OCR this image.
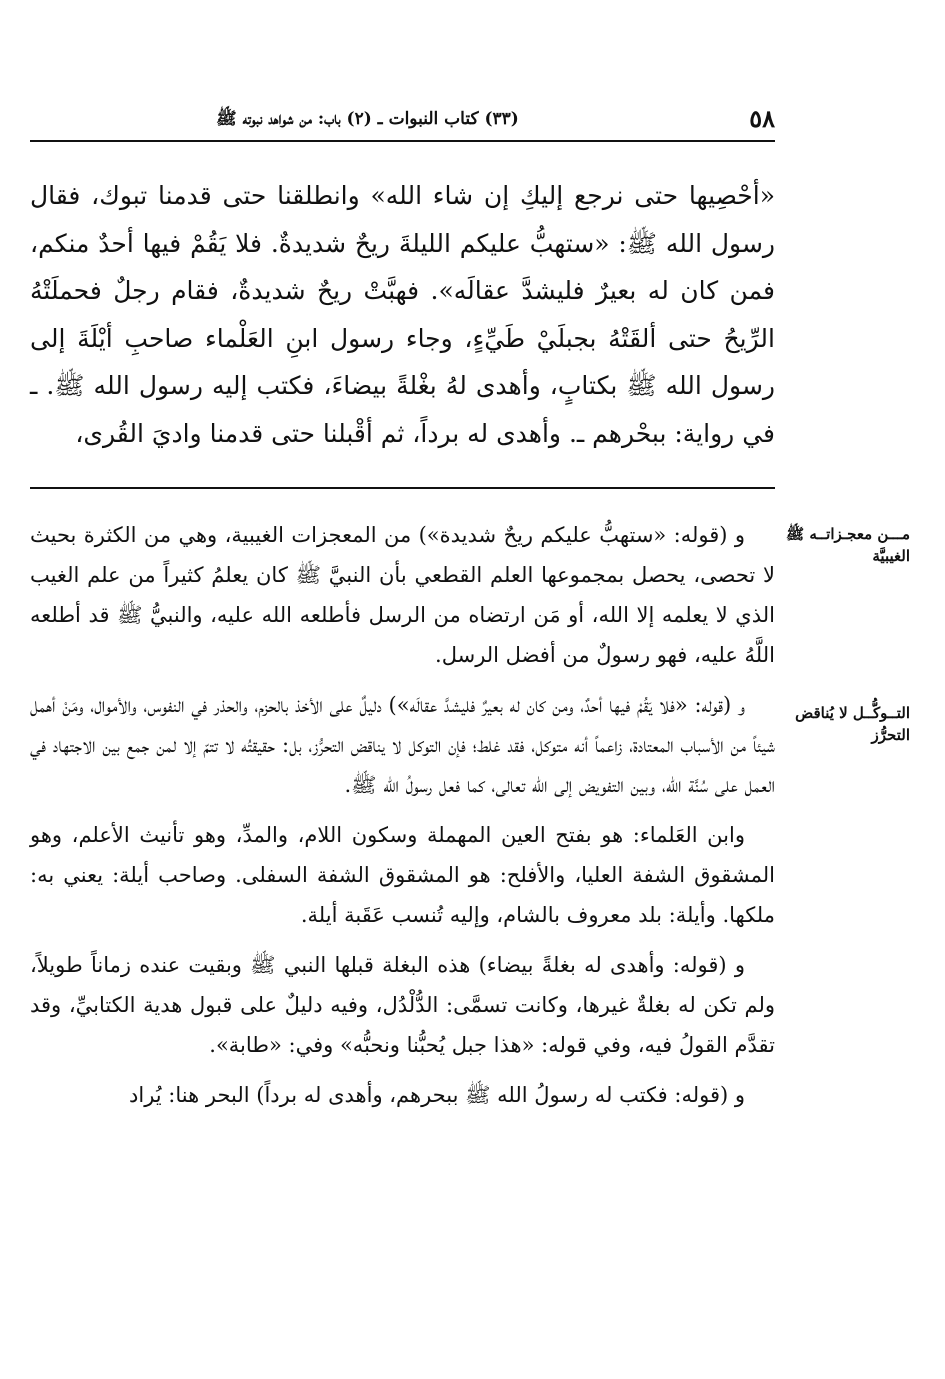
٥٨
(٣٣) كتاب النبوات ـ (٢) باب: من شواهد نبوته ﷺ

«أحْصِيها حتى نرجع إليكِ إن شاء الله» وانطلقنا حتى قدمنا تبوك، فقال رسول الله ﷺ: «ستهبُّ عليكم الليلةَ ريحٌ شديدةٌ. فلا يَقُمْ فيها أحدٌ منكم، فمن كان له بعيرٌ فليشدَّ عقالَه». فهبَّتْ ريحٌ شديدةٌ، فقام رجلٌ فحملَتْهُ الرِّيحُ حتى ألقَتْهُ بجبلَيْ طَيِّءٍ، وجاء رسول ابنِ العَلْماء صاحبِ أيْلَةَ إلى رسول الله ﷺ بكتابٍ، وأهدى لهُ بغْلةً بيضاءَ، فكتب إليه رسول الله ﷺ. ـ في رواية: ببحْرهم ـ. وأهدى له برداً، ثم أقْبلنا حتى قدمنا واديَ القُرى،

مـــن معجـزاتــه ﷺ الغيبيَّة
التــوكُّــل لا يُناقض التحرُّز

و (قوله: «ستهبُّ عليكم ريحٌ شديدة») من المعجزات الغيبية، وهي من الكثرة بحيث لا تحصى، يحصل بمجموعها العلم القطعي بأن النبيَّ ﷺ كان يعلمُ كثيراً من علم الغيب الذي لا يعلمه إلا الله، أو مَن ارتضاه من الرسل فأطلعه الله عليه، والنبيُّ ﷺ قد أطلعه اللَّهُ عليه، فهو رسولٌ من أفضل الرسل.

و (قوله: «فلا يَقُمْ فيها أحدٌ، ومن كان له بعيرٌ فليشدَّ عقالَه») دليلٌ على الأخذ بالحزم، والحذر في النفوس، والأموال، ومَنْ أهمل شيئاً من الأسباب المعتادة، زاعماً أنه متوكل، فقد غلط؛ فإن التوكل لا يناقض التحرُّز، بل: حقيقتُه لا تتمّ إلا لمن جمع بين الاجتهاد في العمل على سُنَّة الله، وبين التفويض إلى الله تعالى، كما فعل رسولُ الله ﷺ.

وابن العَلماء: هو بفتح العين المهملة وسكون اللام، والمدِّ، وهو تأنيث الأعلم، وهو المشقوق الشفة العليا، والأفلح: هو المشقوق الشفة السفلى. وصاحب أيلة: يعني به: ملكها. وأيلة: بلد معروف بالشام، وإليه تُنسب عَقَبة أيلة.

و (قوله: وأهدى له بغلةً بيضاء) هذه البغلة قبلها النبي ﷺ وبقيت عنده زماناً طويلاً، ولم تكن له بغلةٌ غيرها، وكانت تسمَّى: الدُّلْدُل، وفيه دليلٌ على قبول هدية الكتابيِّ، وقد تقدَّم القولُ فيه، وفي قوله: «هذا جبل يُحبُّنا ونحبُّه» وفي: «طابة».

و (قوله: فكتب له رسولُ الله ﷺ ببحرهم، وأهدى له برداً) البحر هنا: يُراد
